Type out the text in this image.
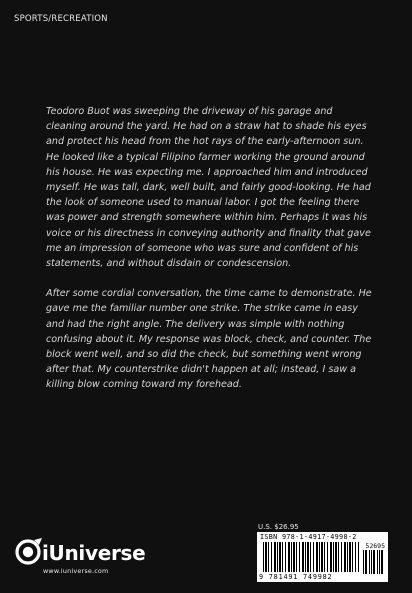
SPORTS/RECREATION

Teodoro Buot was sweeping the driveway of his garage and cleaning around the yard. He had on a straw hat to shade his eyes and protect his head from the hot rays of the early-afternoon sun. He looked like a typical Filipino farmer working the ground around his house. He was expecting me. I approached him and introduced myself. He was tall, dark, well built, and fairly good-looking. He had the look of someone used to manual labor. I got the feeling there was power and strength somewhere within him. Perhaps it was his voice or his directness in conveying authority and finality that gave me an impression of someone who was sure and confident of his statements, and without disdain or condescension.

After some cordial conversation, the time came to demonstrate. He gave me the familiar number one strike. The strike came in easy and had the right angle. The delivery was simple with nothing confusing about it. My response was block, check, and counter. The block went well, and so did the check, but something went wrong after that. My counterstrike didn't happen at all; instead, I saw a killing blow coming toward my forehead.

U.S. $26.95
ISBN 978-1-4917-4998-2
52695
9 781491 749982
iUniverse
www.iuniverse.com
